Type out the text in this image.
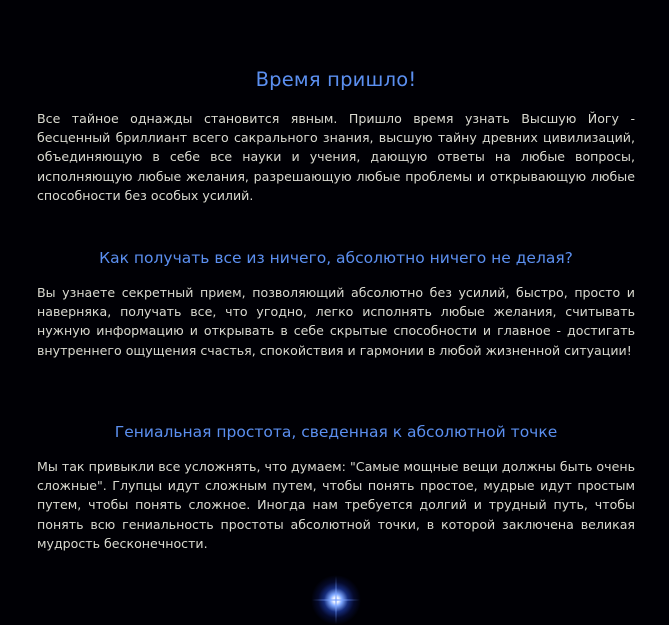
Время пришло!

Все тайное однажды становится явным. Пришло время узнать Высшую Йогу - бесценный бриллиант всего сакрального знания, высшую тайну древних цивилизаций, объединяющую в себе все науки и учения, дающую ответы на любые вопросы, исполняющую любые желания, разрешающую любые проблемы и открывающую любые способности без особых усилий.

Как получать все из ничего, абсолютно ничего не делая?

Вы узнаете секретный прием, позволяющий абсолютно без усилий, быстро, просто и наверняка, получать все, что угодно, легко исполнять любые желания, считывать нужную информацию и открывать в себе скрытые способности и главное - достигать внутреннего ощущения счастья, спокойствия и гармонии в любой жизненной ситуации!

Гениальная простота, сведенная к абсолютной точке

Мы так привыкли все усложнять, что думаем: "Самые мощные вещи должны быть очень сложные". Глупцы идут сложным путем, чтобы понять простое, мудрые идут простым путем, чтобы понять сложное. Иногда нам требуется долгий и трудный путь, чтобы понять всю гениальность простоты абсолютной точки, в которой заключена великая мудрость бесконечности.
